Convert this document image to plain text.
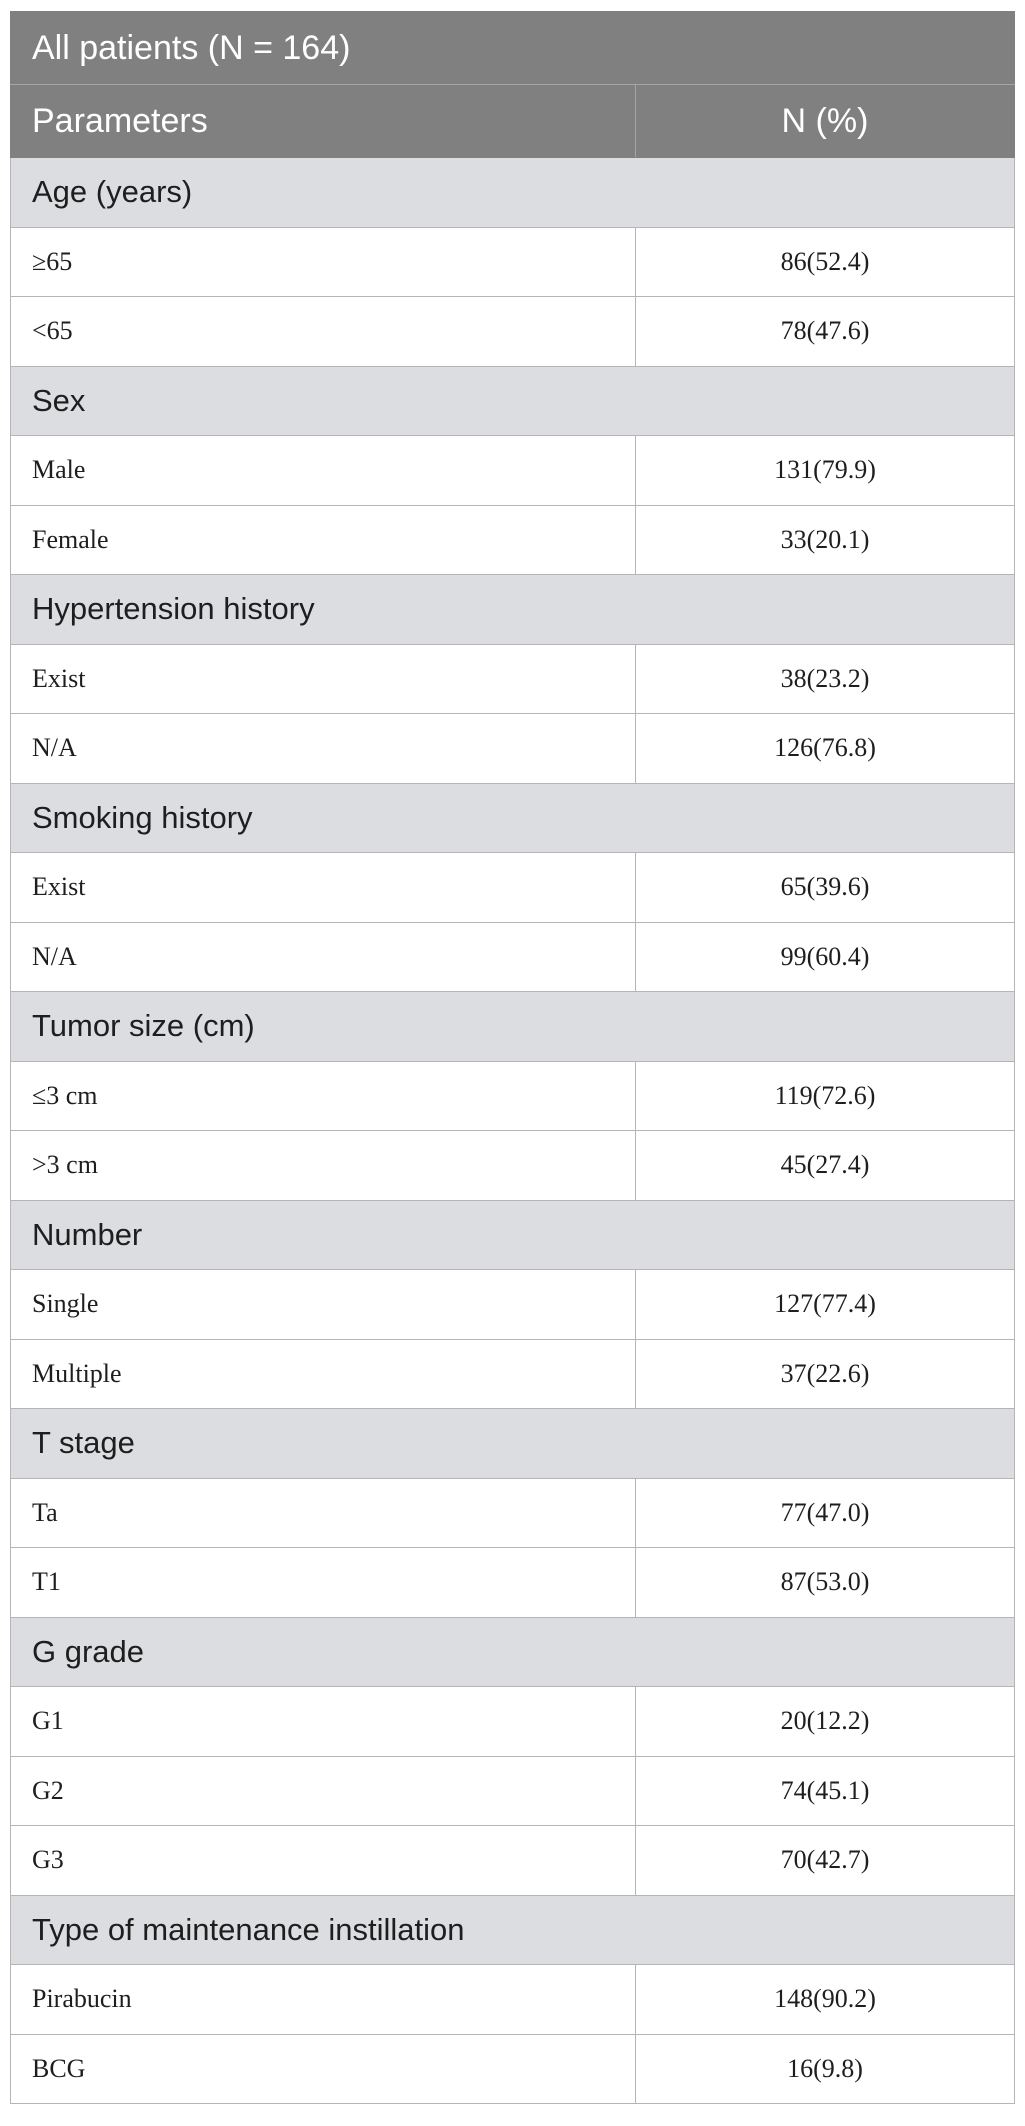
All patients (N = 164)	
Parameters	N (%)
Age (years)	
≥65	86(52.4)
<65	78(47.6)
Sex	
Male	131(79.9)
Female	33(20.1)
Hypertension history	
Exist	38(23.2)
N/A	126(76.8)
Smoking history	
Exist	65(39.6)
N/A	99(60.4)
Tumor size (cm)	
≤3 cm	119(72.6)
>3 cm	45(27.4)
Number	
Single	127(77.4)
Multiple	37(22.6)
T stage	
Ta	77(47.0)
T1	87(53.0)
G grade	
G1	20(12.2)
G2	74(45.1)
G3	70(42.7)
Type of maintenance instillation	
Pirabucin	148(90.2)
BCG	16(9.8)
